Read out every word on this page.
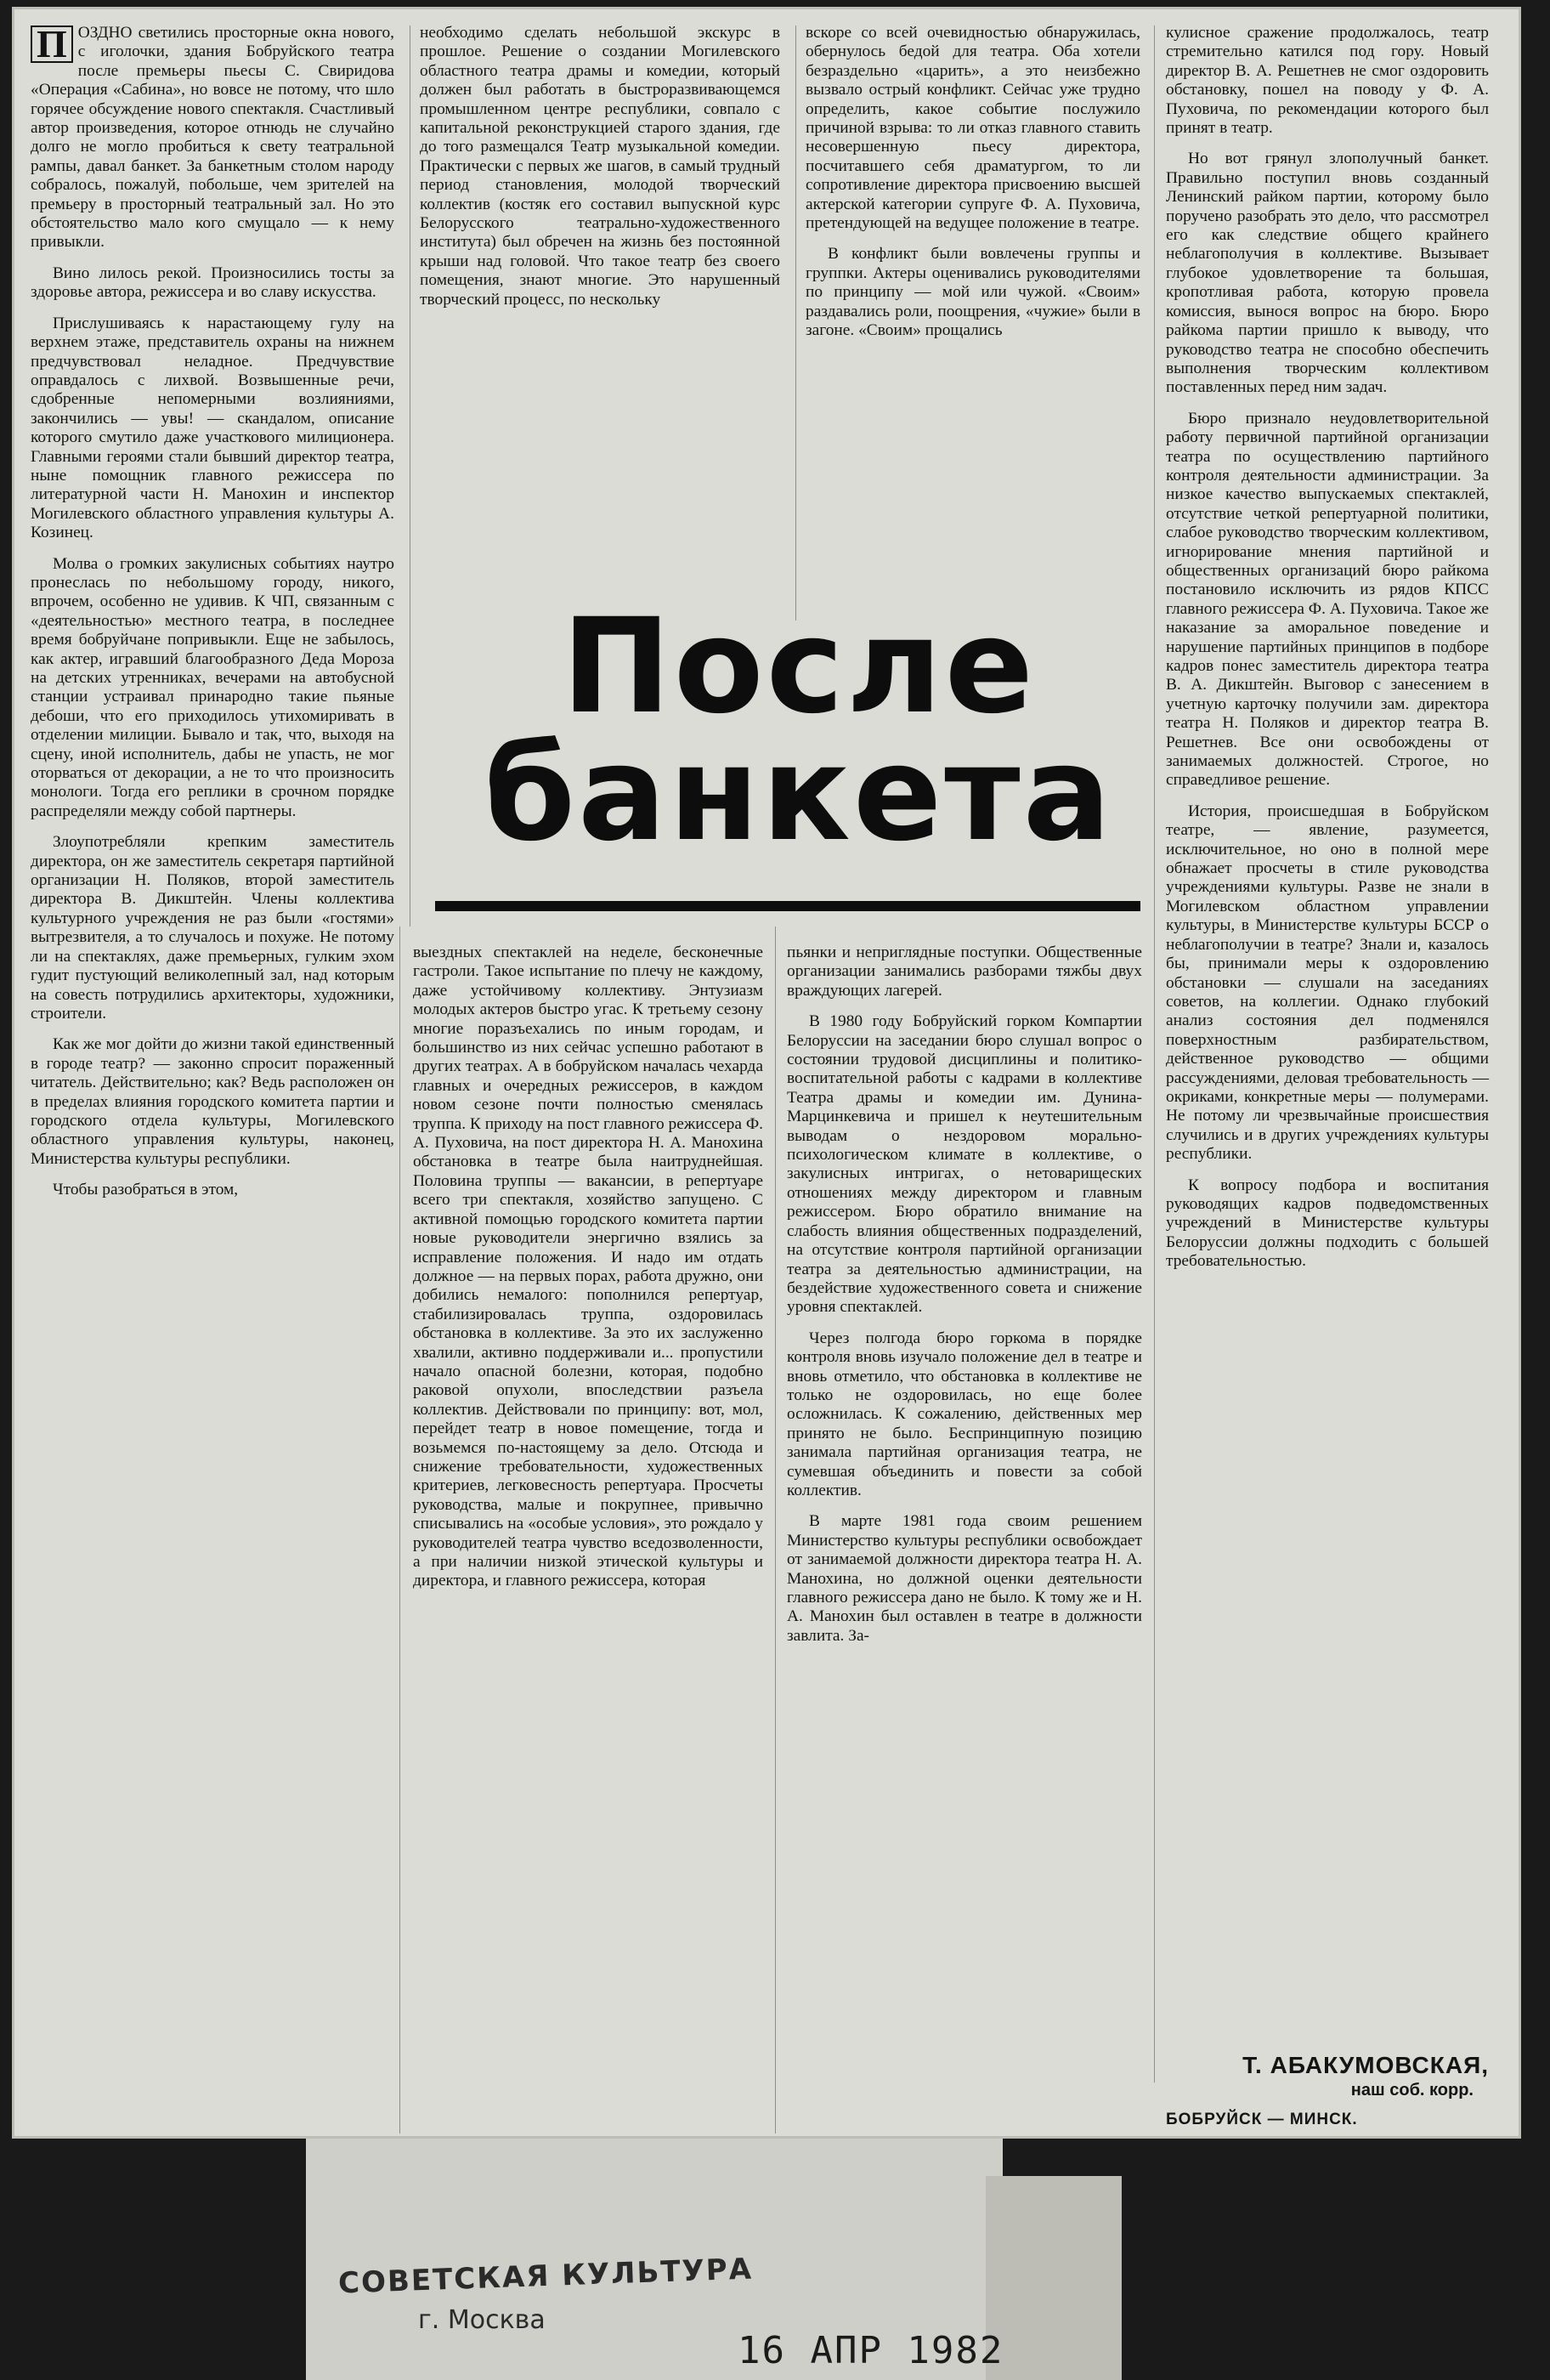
П ОЗДНО светились просторные окна нового, с иголочки, здания Бобруйского театра после премьеры пьесы С. Свиридова «Операция «Сабина», но вовсе не потому, что шло горячее обсуждение нового спектакля. Счастливый автор произведения, которое отнюдь не случайно долго не могло пробиться к свету театральной рампы, давал банкет. За банкетным столом народу собралось, пожалуй, побольше, чем зрителей на премьеру в просторный театральный зал. Но это обстоятельство мало кого смущало — к нему привыкли.

Вино лилось рекой. Произносились тосты за здоровье автора, режиссера и во славу искусства.

Прислушиваясь к нарастающему гулу на верхнем этаже, представитель охраны на нижнем предчувствовал неладное. Предчувствие оправдалось с лихвой. Возвышенные речи, сдобренные непомерными возлияниями, закончились — увы! — скандалом, описание которого смутило даже участкового милиционера. Главными героями стали бывший директор театра, ныне помощник главного режиссера по литературной части Н. Манохин и инспектор Могилевского областного управления культуры А. Козинец.

Молва о громких закулисных событиях наутро пронеслась по небольшому городу, никого, впрочем, особенно не удивив. К ЧП, связанным с «деятельностью» местного театра, в последнее время бобруйчане попривыкли. Еще не забылось, как актер, игравший благообразного Деда Мороза на детских утренниках, вечерами на автобусной станции устраивал принародно такие пьяные дебоши, что его приходилось утихомиривать в отделении милиции. Бывало и так, что, выходя на сцену, иной исполнитель, дабы не упасть, не мог оторваться от декорации, а не то что произносить монологи. Тогда его реплики в срочном порядке распределяли между собой партнеры.

Злоупотребляли крепким заместитель директора, он же заместитель секретаря партийной организации Н. Поляков, второй заместитель директора В. Дикштейн. Члены коллектива культурного учреждения не раз были «гостями» вытрезвителя, а то случалось и похуже. Не потому ли на спектаклях, даже премьерных, гулким эхом гудит пустующий великолепный зал, над которым на совесть потрудились архитекторы, художники, строители.

Как же мог дойти до жизни такой единственный в городе театр? — законно спросит пораженный читатель. Действительно; как? Ведь расположен он в пределах влияния городского комитета партии и городского отдела культуры, Могилевского областного управления культуры, наконец, Министерства культуры республики.

Чтобы разобраться в этом,

необходимо сделать небольшой экскурс в прошлое. Решение о создании Могилевского областного театра драмы и комедии, который должен был работать в быстроразвивающемся промышленном центре республики, совпало с капитальной реконструкцией старого здания, где до того размещался Театр музыкальной комедии. Практически с первых же шагов, в самый трудный период становления, молодой творческий коллектив (костяк его составил выпускной курс Белорусского театрально-художественного института) был обречен на жизнь без постоянной крыши над головой. Что такое театр без своего помещения, знают многие. Это нарушенный творческий процесс, по нескольку

вскоре со всей очевидностью обнаружилась, обернулось бедой для театра. Оба хотели безраздельно «царить», а это неизбежно вызвало острый конфликт. Сейчас уже трудно определить, какое событие послужило причиной взрыва: то ли отказ главного ставить несовершенную пьесу директора, посчитавшего себя драматургом, то ли сопротивление директора присвоению высшей актерской категории супруге Ф. А. Пуховича, претендующей на ведущее положение в театре.

В конфликт были вовлечены группы и группки. Актеры оценивались руководителями по принципу — мой или чужой. «Своим» раздавались роли, поощрения, «чужие» были в загоне. «Своим» прощались

кулисное сражение продолжалось, театр стремительно катился под гору. Новый директор В. А. Решетнев не смог оздоровить обстановку, пошел на поводу у Ф. А. Пуховича, по рекомендации которого был принят в театр.

Но вот грянул злополучный банкет. Правильно поступил вновь созданный Ленинский райком партии, которому было поручено разобрать это дело, что рассмотрел его как следствие общего крайнего неблагополучия в коллективе. Вызывает глубокое удовлетворение та большая, кропотливая работа, которую провела комиссия, вынося вопрос на бюро. Бюро райкома партии пришло к выводу, что руководство театра не способно обеспечить выполнения творческим коллективом поставленных перед ним задач.

Бюро признало неудовлетворительной работу первичной партийной организации театра по осуществлению партийного контроля деятельности администрации. За низкое качество выпускаемых спектаклей, отсутствие четкой репертуарной политики, слабое руководство творческим коллективом, игнорирование мнения партийной и общественных организаций бюро райкома постановило исключить из рядов КПСС главного режиссера Ф. А. Пуховича. Такое же наказание за аморальное поведение и нарушение партийных принципов в подборе кадров понес заместитель директора театра В. А. Дикштейн. Выговор с занесением в учетную карточку получили зам. директора театра Н. Поляков и директор театра В. Решетнев. Все они освобождены от занимаемых должностей. Строгое, но справедливое решение.

История, происшедшая в Бобруйском театре, — явление, разумеется, исключительное, но оно в полной мере обнажает просчеты в стиле руководства учреждениями культуры. Разве не знали в Могилевском областном управлении культуры, в Министерстве культуры БССР о неблагополучии в театре? Знали и, казалось бы, принимали меры к оздоровлению обстановки — слушали на заседаниях советов, на коллегии. Однако глубокий анализ состояния дел подменялся поверхностным разбирательством, действенное руководство — общими рассуждениями, деловая требовательность — окриками, конкретные меры — полумерами. Не потому ли чрезвычайные происшествия случились и в других учреждениях культуры республики.

К вопросу подбора и воспитания руководящих кадров подведомственных учреждений в Министерстве культуры Белоруссии должны подходить с большей требовательностью.

После
банкета

выездных спектаклей на неделе, бесконечные гастроли. Такое испытание по плечу не каждому, даже устойчивому коллективу. Энтузиазм молодых актеров быстро угас. К третьему сезону многие поразъехались по иным городам, и большинство из них сейчас успешно работают в других театрах. А в бобруйском началась чехарда главных и очередных режиссеров, в каждом новом сезоне почти полностью сменялась труппа. К приходу на пост главного режиссера Ф. А. Пуховича, на пост директора Н. А. Манохина обстановка в театре была наитруднейшая. Половина труппы — вакансии, в репертуаре всего три спектакля, хозяйство запущено. С активной помощью городского комитета партии новые руководители энергично взялись за исправление положения. И надо им отдать должное — на первых порах, работа дружно, они добились немалого: пополнился репертуар, стабилизировалась труппа, оздоровилась обстановка в коллективе. За это их заслуженно хвалили, активно поддерживали и... пропустили начало опасной болезни, которая, подобно раковой опухоли, впоследствии разъела коллектив. Действовали по принципу: вот, мол, перейдет театр в новое помещение, тогда и возьмемся по-настоящему за дело. Отсюда и снижение требовательности, художественных критериев, легковесность репертуара. Просчеты руководства, малые и покрупнее, привычно списывались на «особые условия», это рождало у руководителей театра чувство вседозволенности, а при наличии низкой этической культуры и директора, и главного режиссера, которая

пьянки и неприглядные поступки. Общественные организации занимались разборами тяжбы двух враждующих лагерей.

В 1980 году Бобруйский горком Компартии Белоруссии на заседании бюро слушал вопрос о состоянии трудовой дисциплины и политико-воспитательной работы с кадрами в коллективе Театра драмы и комедии им. Дунина-Марцинкевича и пришел к неутешительным выводам о нездоровом морально-психологическом климате в коллективе, о закулисных интригах, о нетоварищеских отношениях между директором и главным режиссером. Бюро обратило внимание на слабость влияния общественных подразделений, на отсутствие контроля партийной организации театра за деятельностью администрации, на бездействие художественного совета и снижение уровня спектаклей.

Через полгода бюро горкома в порядке контроля вновь изучало положение дел в театре и вновь отметило, что обстановка в коллективе не только не оздоровилась, но еще более осложнилась. К сожалению, действенных мер принято не было. Беспринципную позицию занимала партийная организация театра, не сумевшая объединить и повести за собой коллектив.

В марте 1981 года своим решением Министерство культуры республики освобождает от занимаемой должности директора театра Н. А. Манохина, но должной оценки деятельности главного режиссера дано не было. К тому же и Н. А. Манохин был оставлен в театре в должности завлита. За-

Т. АБАКУМОВСКАЯ,
наш соб. корр.
БОБРУЙСК — МИНСК.
СОВЕТСКАЯ КУЛЬТУРА
г. Москва
16 АПР 1982
